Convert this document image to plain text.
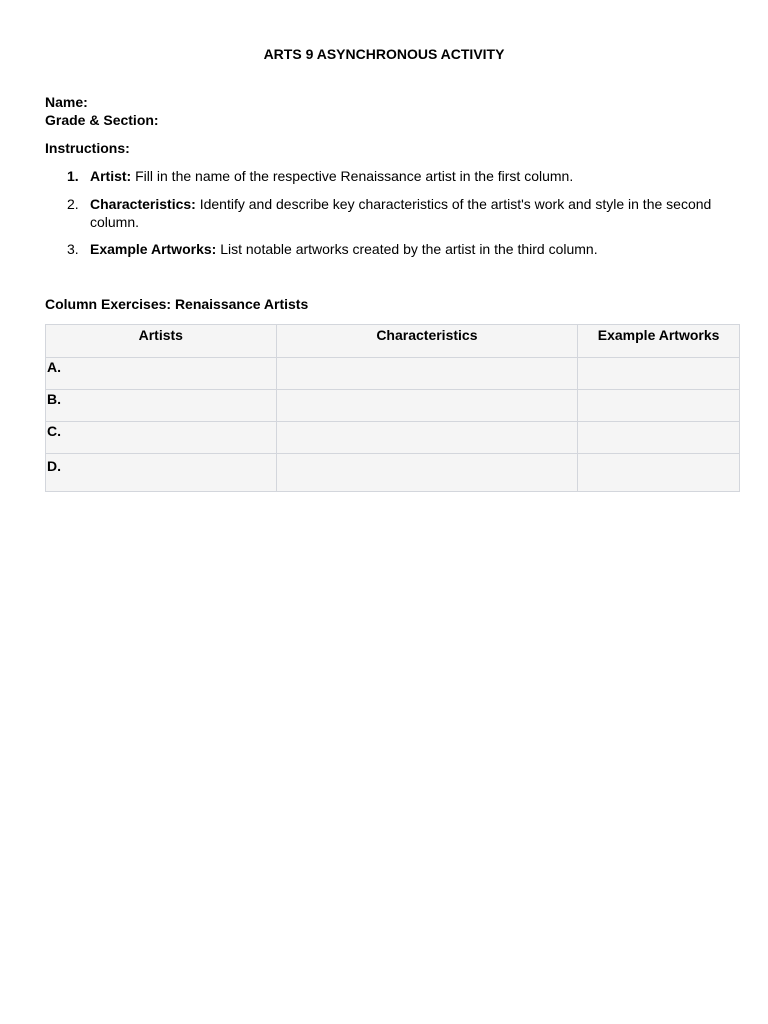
ARTS 9 ASYNCHRONOUS ACTIVITY
Name:
Grade & Section:
Instructions:
1. Artist: Fill in the name of the respective Renaissance artist in the first column.
2. Characteristics: Identify and describe key characteristics of the artist's work and style in the second column.
3. Example Artworks: List notable artworks created by the artist in the third column.
Column Exercises: Renaissance Artists
Artists	Characteristics	Example Artworks
A.		
B.		
C.		
D.		
